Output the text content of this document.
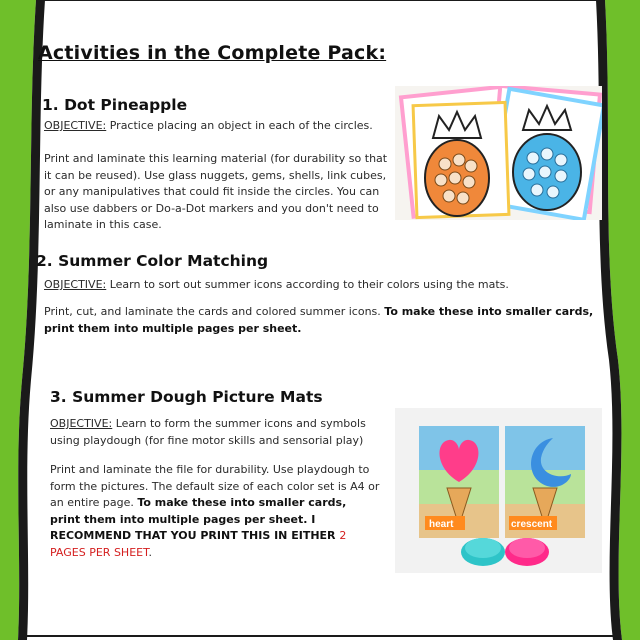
Activities in the Complete Pack:
1. Dot Pineapple

OBJECTIVE: Practice placing an object in each of the circles.

Print and laminate this learning material (for durability so that it can be reused). Use glass nuggets, gems, shells, link cubes, or any manipulatives that could fit inside the circles. You can also use dabbers or Do-a-Dot markers and you don't need to laminate in this case.

2. Summer Color Matching

OBJECTIVE: Learn to sort out summer icons according to their colors using the mats.

Print, cut, and laminate the cards and colored summer icons. To make these into smaller cards, print them into multiple pages per sheet.

3. Summer Dough Picture Mats

OBJECTIVE: Learn to form the summer icons and symbols using playdough (for fine motor skills and sensorial play)

Print and laminate the file for durability. Use playdough to form the pictures. The default size of each color set is A4 or an entire page. To make these into smaller cards, print them into multiple pages per sheet. I RECOMMEND THAT YOU PRINT THIS IN EITHER 2 PAGES PER SHEET.

heart	crescent
